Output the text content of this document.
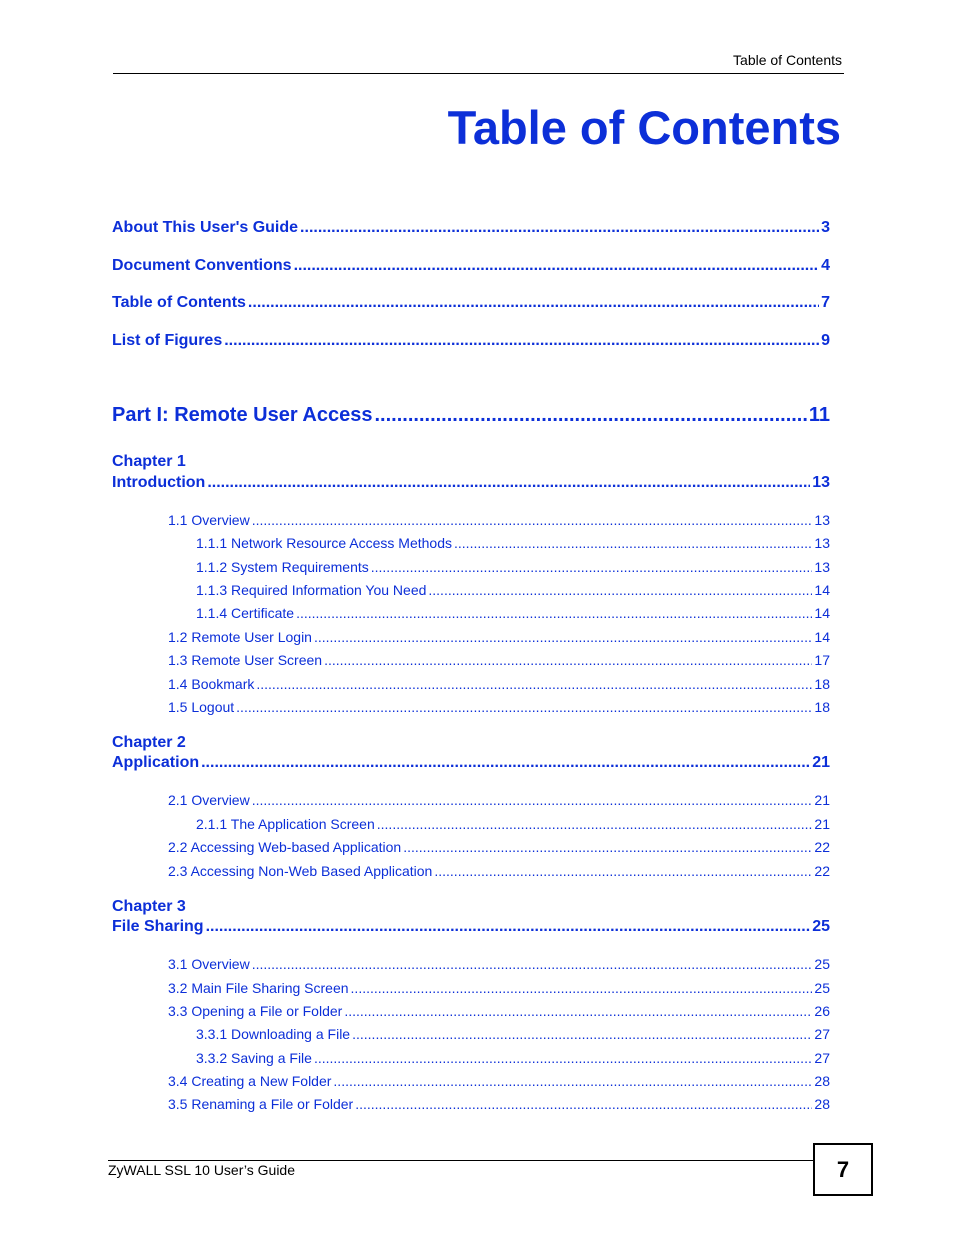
Table of Contents
Table of Contents
About This User's Guide .....	3
Document Conventions .....	4
Table of Contents .....	7
List of Figures .....	9
Part I: Remote User Access .....	11
Chapter 1
Introduction .....	13
1.1 Overview .....	13
1.1.1 Network Resource Access Methods .....	13
1.1.2 System Requirements .....	13
1.1.3 Required Information You Need .....	14
1.1.4 Certificate .....	14
1.2 Remote User Login .....	14
1.3 Remote User Screen .....	17
1.4 Bookmark .....	18
1.5 Logout .....	18
Chapter 2
Application .....	21
2.1 Overview .....	21
2.1.1 The Application Screen .....	21
2.2 Accessing Web-based Application .....	22
2.3 Accessing Non-Web Based Application .....	22
Chapter 3
File Sharing .....	25
3.1 Overview .....	25
3.2 Main File Sharing Screen .....	25
3.3 Opening a File or Folder .....	26
3.3.1 Downloading a File .....	27
3.3.2 Saving a File .....	27
3.4 Creating a New Folder .....	28
3.5 Renaming a File or Folder .....	28
ZyWALL SSL 10 User’s Guide	7
